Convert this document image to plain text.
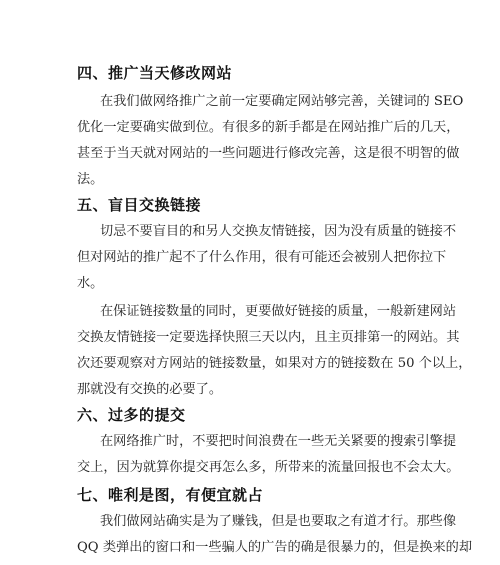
四、推广当天修改网站
在我们做网络推广之前一定要确定网站够完善，关键词的 SEO
优化一定要确实做到位。有很多的新手都是在网站推广后的几天，
甚至于当天就对网站的一些问题进行修改完善，这是很不明智的做
法。
五、盲目交换链接
切忌不要盲目的和另人交换友情链接，因为没有质量的链接不
但对网站的推广起不了什么作用，很有可能还会被别人把你拉下
水。
在保证链接数量的同时，更要做好链接的质量，一般新建网站
交换友情链接一定要选择快照三天以内，且主页排第一的网站。其
次还要观察对方网站的链接数量，如果对方的链接数在 50 个以上，
那就没有交换的必要了。
六、过多的提交
在网络推广时，不要把时间浪费在一些无关紧要的搜索引擎提
交上，因为就算你提交再怎么多，所带来的流量回报也不会太大。
七、唯利是图，有便宜就占
我们做网站确实是为了赚钱，但是也要取之有道才行。那些像
QQ 类弹出的窗口和一些骗人的广告的确是很暴力的，但是换来的却
